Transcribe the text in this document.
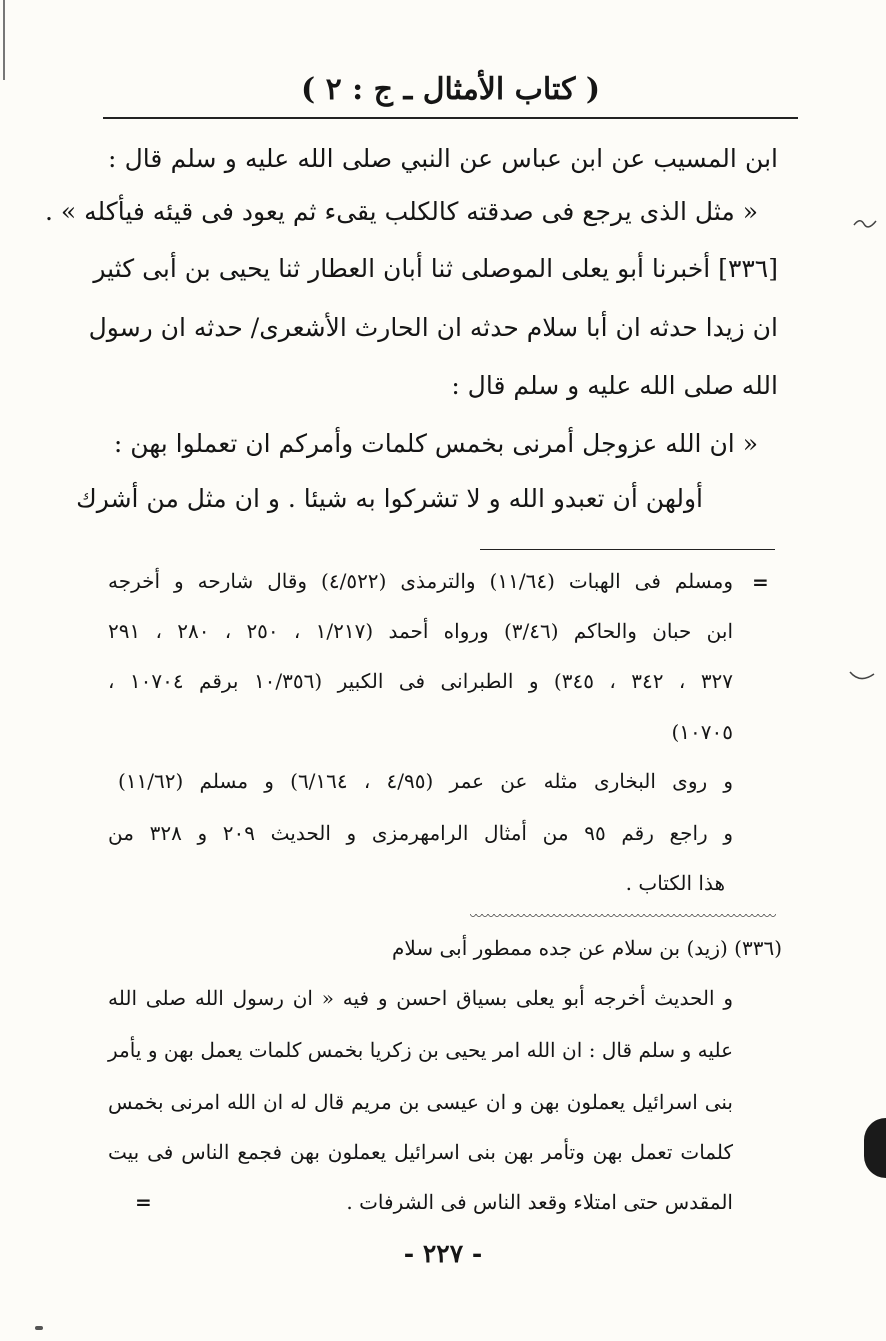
( كتاب الأمثال ـ ج : ٢ )
ابن المسيب عن ابن عباس عن النبي صلى الله عليه و سلم قال :
« مثل الذى يرجع فى صدقته كالكلب يقىء ثم يعود فى قيئه فيأكله » .
[٣٣٦] أخبرنا أبو يعلى الموصلى ثنا أبان العطار ثنا يحيى بن أبى كثير
ان زيدا حدثه ان أبا سلام حدثه ان الحارث الأشعرى/ حدثه ان رسول
الله صلى الله عليه و سلم قال :
« ان الله عزوجل أمرنى بخمس كلمات وأمركم ان تعملوا بهن :
أولهن أن تعبدو الله و لا تشركوا به شيئا . و ان مثل من أشرك
=
ومسلم فى الهبات (١١/٦٤) والترمذى (٤/٥٢٢) وقال شارحه و أخرجه
ابن حبان والحاكم (٣/٤٦) ورواه أحمد (١/٢١٧ ، ٢٥٠ ، ٢٨٠ ، ٢٩١
٣٢٧ ، ٣٤٢ ، ٣٤٥) و الطبرانى فى الكبير (١٠/٣٥٦ برقم ١٠٧٠٤ ،
١٠٧٠٥)
و روى البخارى مثله عن عمر (٤/٩٥ ، ٦/١٦٤) و مسلم (١١/٦٢)
و راجع رقم ٩٥ من أمثال الرامهرمزى و الحديث ٢٠٩ و ٣٢٨ من
هذا الكتاب .
(٣٣٦) (زيد) بن سلام عن جده ممطور أبى سلام
و الحديث أخرجه أبو يعلى بسياق احسن و فيه « ان رسول الله صلى الله
عليه و سلم قال : ان الله امر يحيى بن زكريا بخمس كلمات يعمل بهن و يأمر
بنى اسرائيل يعملون بهن و ان عيسى بن مريم قال له ان الله امرنى بخمس
كلمات تعمل بهن وتأمر بهن بنى اسرائيل يعملون بهن فجمع الناس فى بيت
المقدس حتى امتلاء وقعد الناس فى الشرفات .
=
- ٢٢٧ -
